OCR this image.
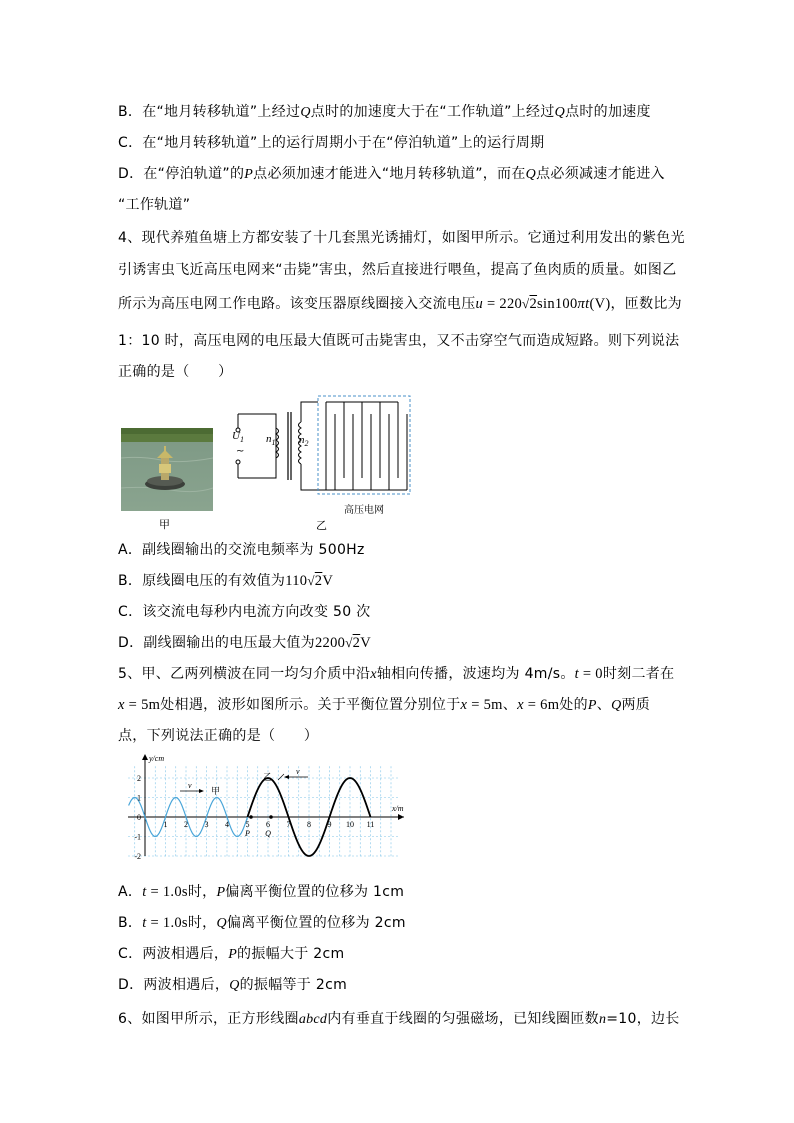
B．在“地月转移轨道”上经过Q点时的加速度大于在“工作轨道”上经过Q点时的加速度
C．在“地月转移轨道”上的运行周期小于在“停泊轨道”上的运行周期
D．在“停泊轨道”的P点必须加速才能进入“地月转移轨道”，而在Q点必须减速才能进入
“工作轨道”
4、现代养殖鱼塘上方都安装了十几套黑光诱捕灯，如图甲所示。它通过利用发出的紫色光
引诱害虫飞近高压电网来“击毙”害虫，然后直接进行喂鱼，提高了鱼肉质的质量。如图乙
所示为高压电网工作电路。该变压器原线圈接入交流电压u = 220√2sin100πt(V)，匝数比为
1：10 时，高压电网的电压最大值既可击毙害虫，又不击穿空气而造成短路。则下列说法
正确的是（　　）
甲
$U_1$
~
$n_1$ $n_2$
高压电网
乙
A．副线圈输出的交流电频率为 500Hz
B．原线圈电压的有效值为110√2V
C．该交流电每秒内电流方向改变 50 次
D．副线圈输出的电压最大值为2200√2V
5、甲、乙两列横波在同一均匀介质中沿x轴相向传播，波速均为 4m/s。t = 0时刻二者在
x = 5m处相遇，波形如图所示。关于平衡位置分别位于x = 5m、x = 6m处的P、Q两质
点，下列说法正确的是（　　）
y/cm
x/m
2
1
0
-1
-2
1 2 3 4 5 6 7 8 9 10 11
甲
乙
v
v
P Q
A．t = 1.0s时，P偏离平衡位置的位移为 1cm
B．t = 1.0s时，Q偏离平衡位置的位移为 2cm
C．两波相遇后，P的振幅大于 2cm
D．两波相遇后，Q的振幅等于 2cm
6、如图甲所示，正方形线圈abcd内有垂直于线圈的匀强磁场，已知线圈匝数n=10，边长
